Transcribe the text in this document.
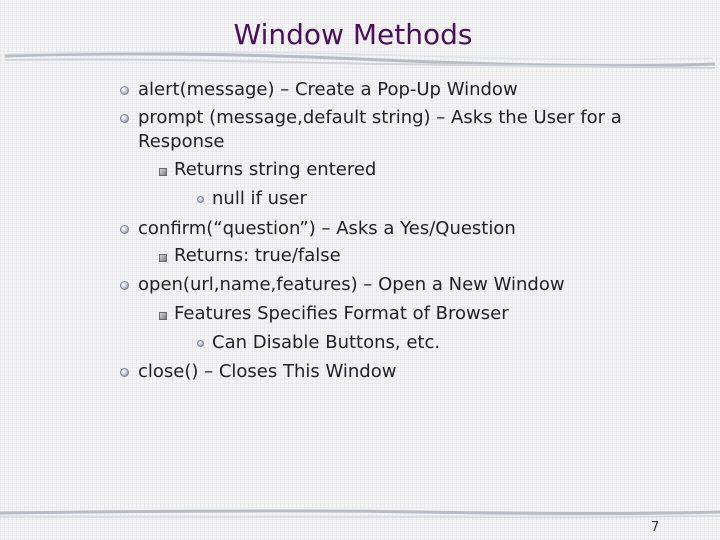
Window Methods
alert(message) – Create a Pop-Up Window
prompt (message,default string) – Asks the User for a
Response
Returns string entered
null if user
confirm(“question”) – Asks a Yes/Question
Returns: true/false
open(url,name,features) – Open a New Window
Features Specifies Format of Browser
Can Disable Buttons, etc.
close() – Closes This Window
7
